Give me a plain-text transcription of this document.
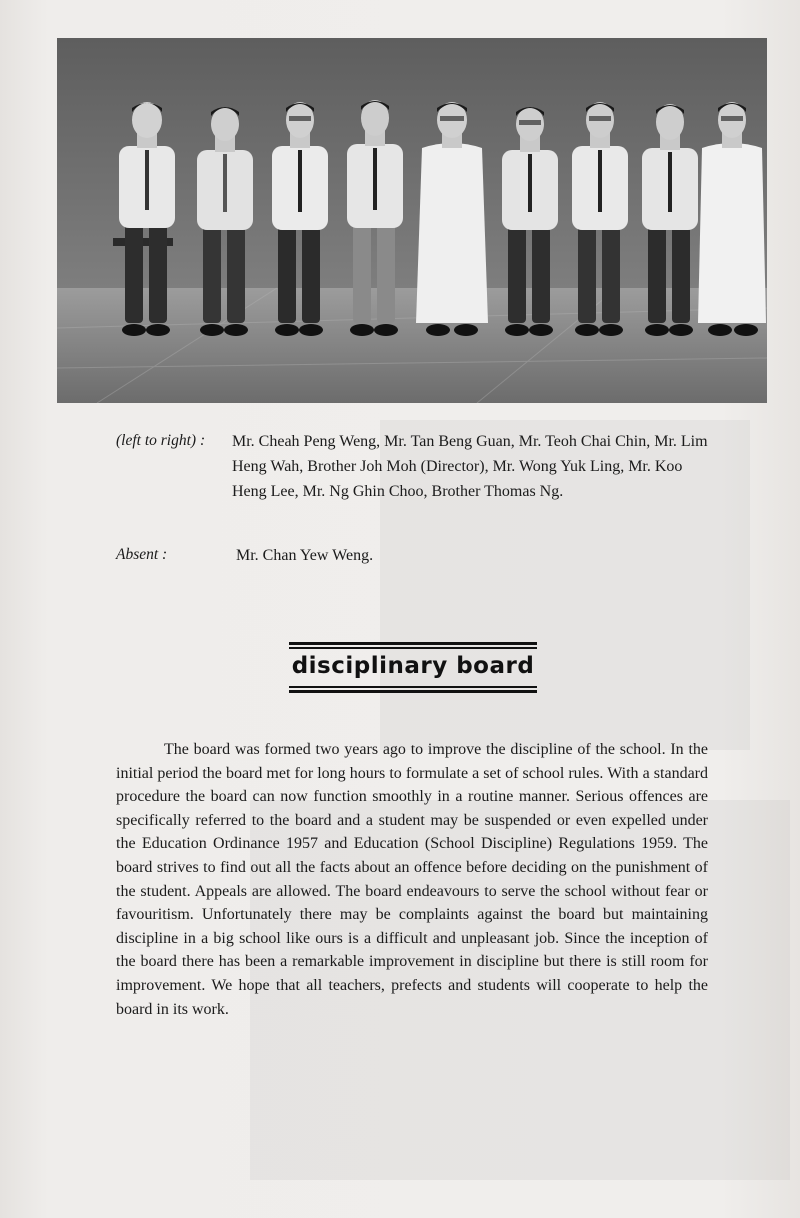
(left to right) : Mr. Cheah Peng Weng, Mr. Tan Beng Guan, Mr. Teoh Chai Chin, Mr. Lim Heng Wah, Brother Joh Moh (Director), Mr. Wong Yuk Ling, Mr. Koo Heng Lee, Mr. Ng Ghin Choo, Brother Thomas Ng.
Absent :	Mr. Chan Yew Weng.
disciplinary board

The board was formed two years ago to improve the discipline of the school. In the initial period the board met for long hours to formulate a set of school rules. With a standard procedure the board can now function smoothly in a routine manner. Serious offences are specifically referred to the board and a student may be suspended or even expelled under the Education Ordinance 1957 and Education (School Discipline) Regulations 1959. The board strives to find out all the facts about an offence before deciding on the punishment of the student. Appeals are allowed. The board endeavours to serve the school without fear or favouritism. Unfortunately there may be complaints against the board but maintaining discipline in a big school like ours is a difficult and unpleasant job. Since the inception of the board there has been a remarkable improvement in discipline but there is still room for improvement. We hope that all teachers, prefects and students will cooperate to help the board in its work.
